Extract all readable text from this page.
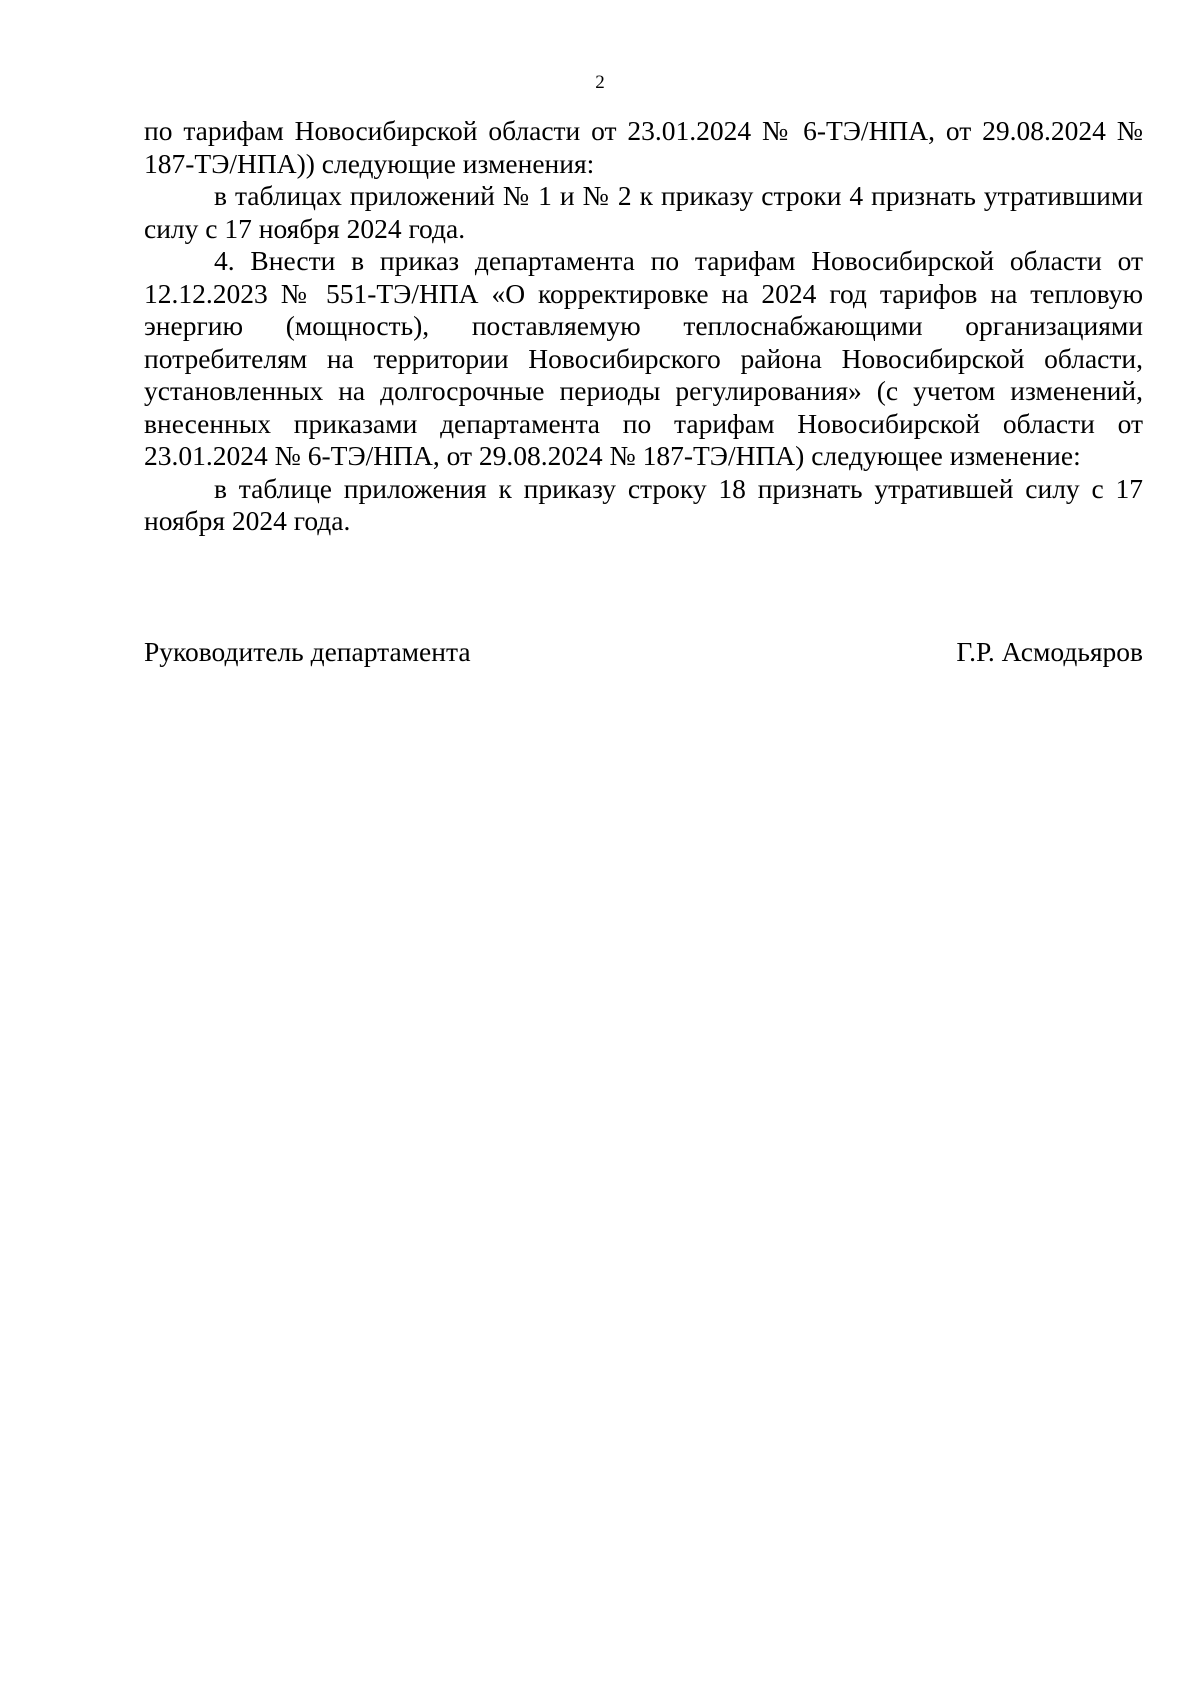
2

по тарифам Новосибирской области от 23.01.2024 № 6-ТЭ/НПА, от 29.08.2024 № 187-ТЭ/НПА)) следующие изменения:

в таблицах приложений № 1 и № 2 к приказу строки 4 признать утратившими силу с 17 ноября 2024 года.

4. Внести в приказ департамента по тарифам Новосибирской области от 12.12.2023 № 551-ТЭ/НПА «О корректировке на 2024 год тарифов на тепловую энергию (мощность), поставляемую теплоснабжающими организациями потребителям на территории Новосибирского района Новосибирской области, установленных на долгосрочные периоды регулирования» (с учетом изменений, внесенных приказами департамента по тарифам Новосибирской области от 23.01.2024 № 6-ТЭ/НПА, от 29.08.2024 № 187-ТЭ/НПА) следующее изменение:

в таблице приложения к приказу строку 18 признать утратившей силу с 17 ноября 2024 года.

Руководитель департамента	Г.Р. Асмодьяров
